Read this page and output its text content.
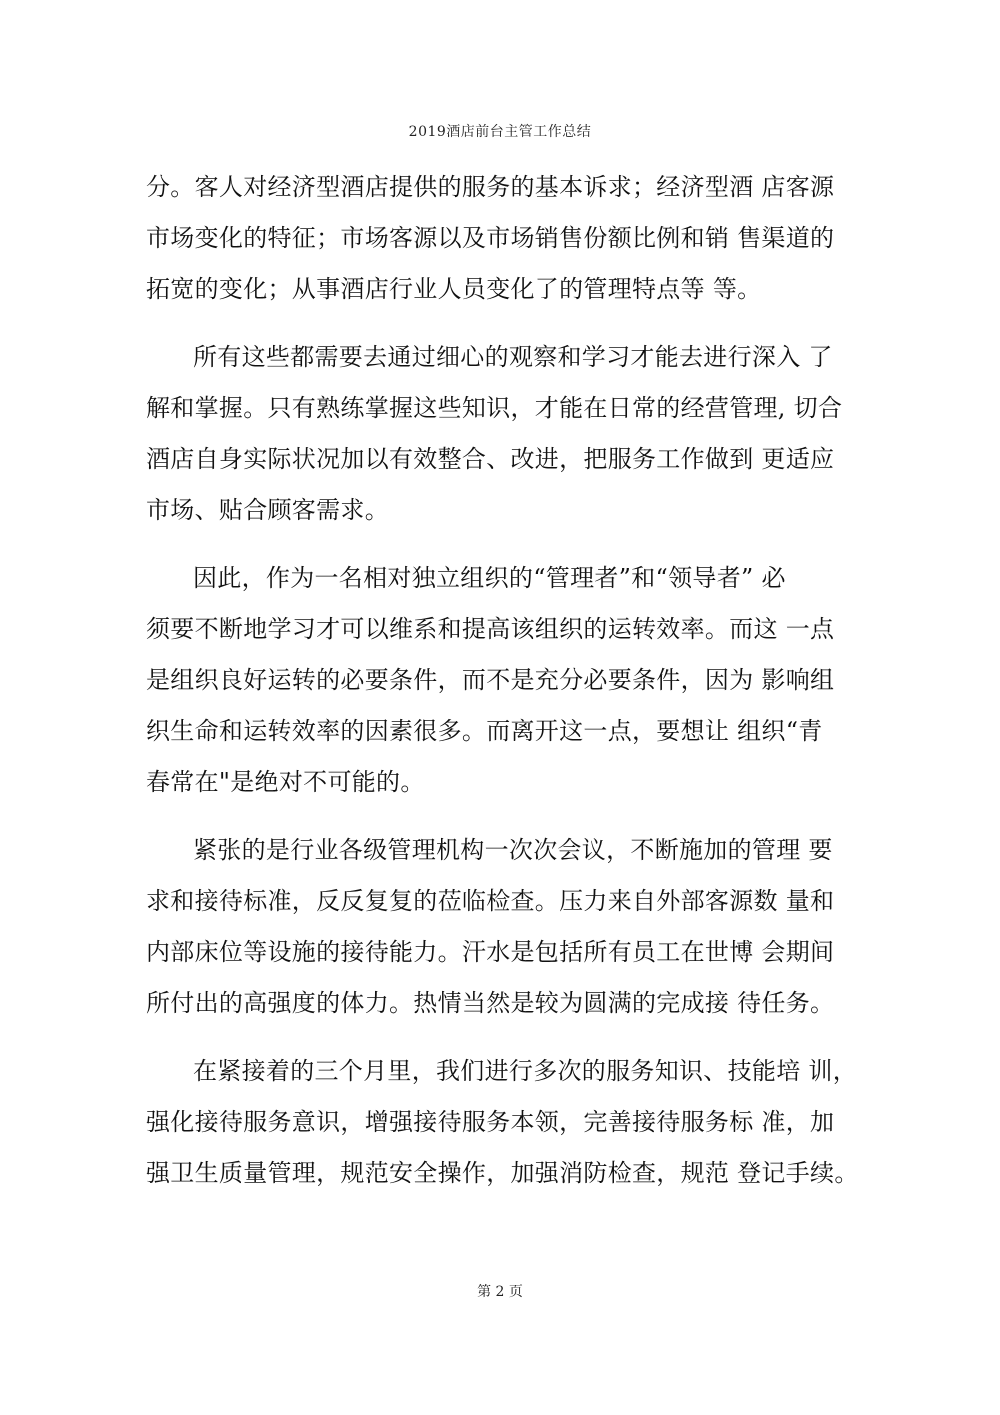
2019酒店前台主管工作总结
分。客人对经济型酒店提供的服务的基本诉求；经济型酒 店客源
市场变化的特征；市场客源以及市场销售份额比例和销 售渠道的
拓宽的变化；从事酒店行业人员变化了的管理特点等 等。
所有这些都需要去通过细心的观察和学习才能去进行深入 了
解和掌握。只有熟练掌握这些知识，才能在日常的经营管理, 切合
酒店自身实际状况加以有效整合、改进，把服务工作做到 更适应
市场、贴合顾客需求。
因此，作为一名相对独立组织的“管理者”和“领导者” 必
须要不断地学习才可以维系和提高该组织的运转效率。而这 一点
是组织良好运转的必要条件，而不是充分必要条件，因为 影响组
织生命和运转效率的因素很多。而离开这一点，要想让 组织“青
春常在"是绝对不可能的。
紧张的是行业各级管理机构一次次会议，不断施加的管理 要
求和接待标准，反反复复的莅临检查。压力来自外部客源数 量和
内部床位等设施的接待能力。汗水是包括所有员工在世博 会期间
所付出的高强度的体力。热情当然是较为圆满的完成接 待任务。
在紧接着的三个月里，我们进行多次的服务知识、技能培 训，
强化接待服务意识，增强接待服务本领，完善接待服务标 准，加
强卫生质量管理，规范安全操作，加强消防检查，规范 登记手续。
第 2 页
